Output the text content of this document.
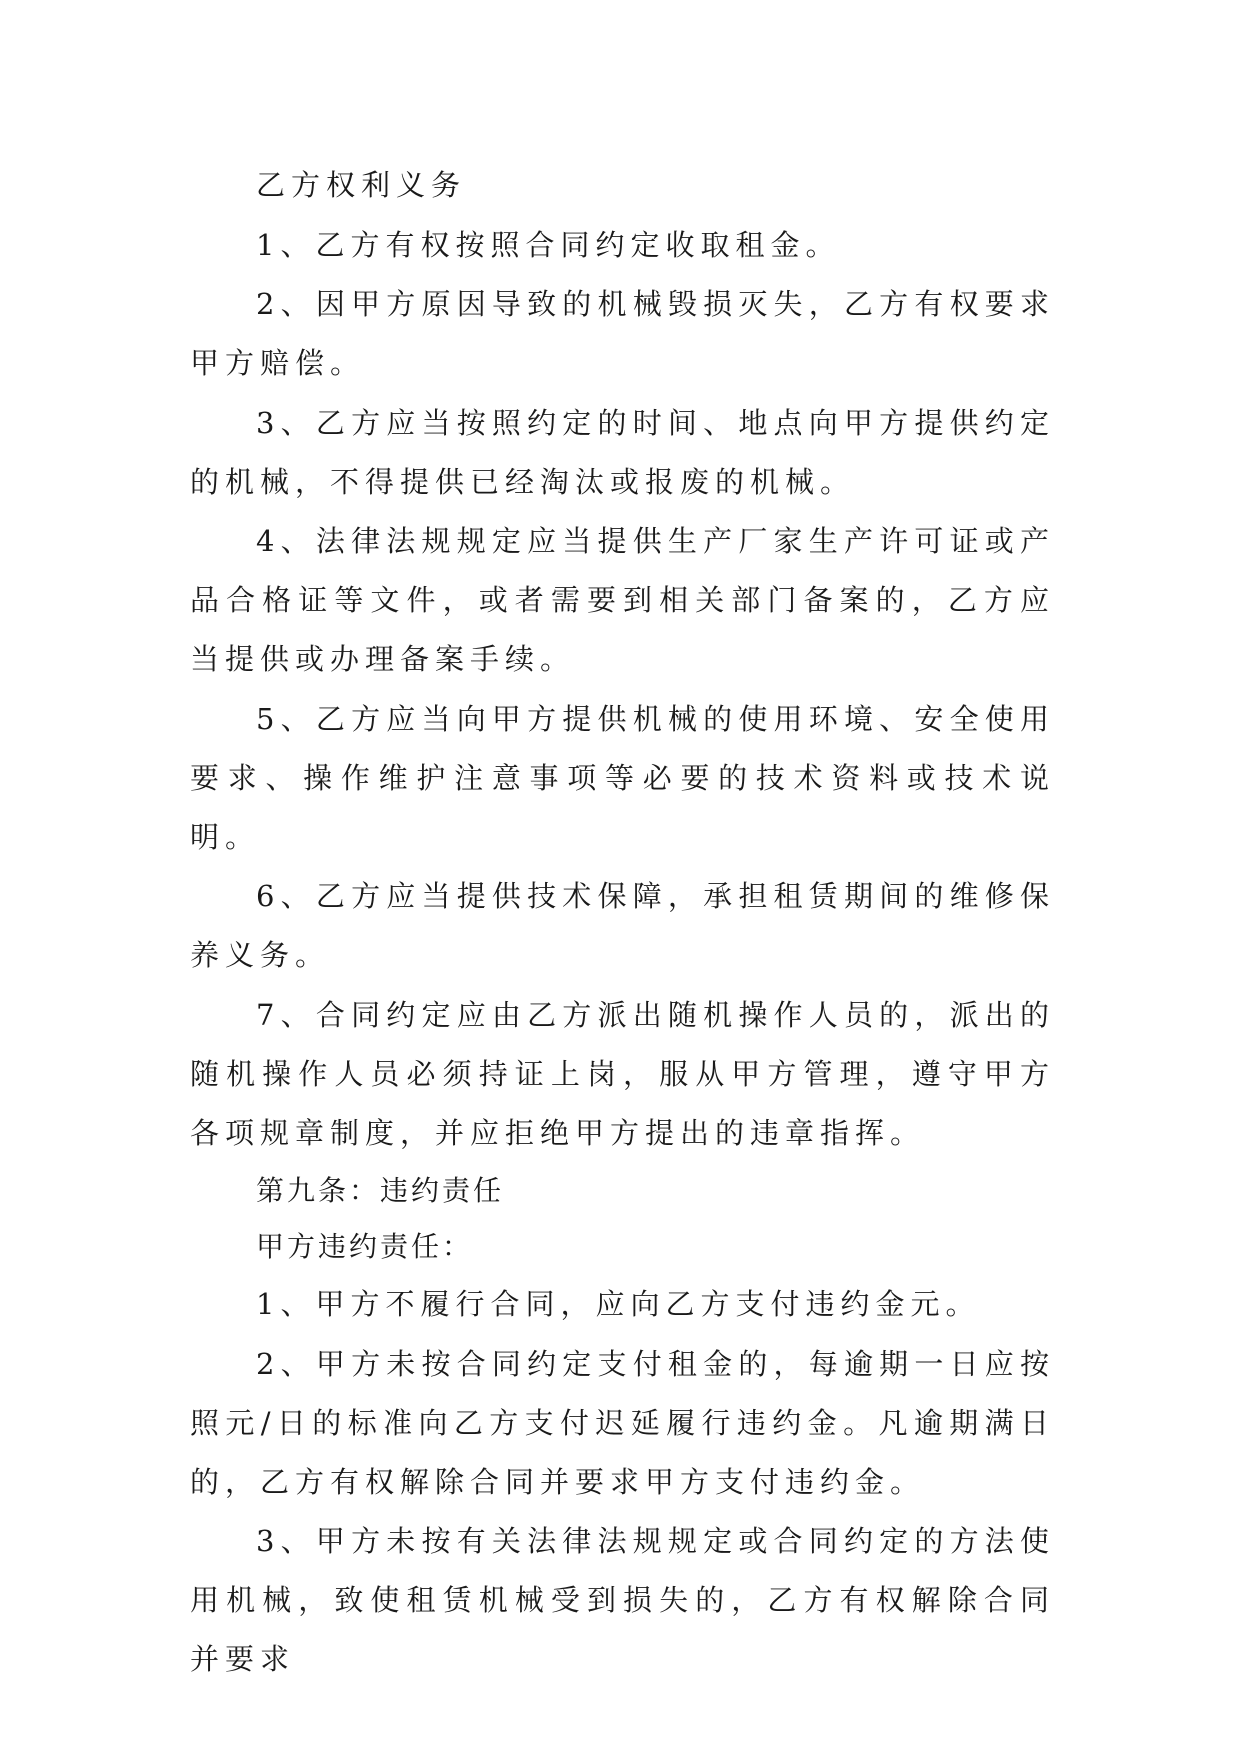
乙方权利义务

1、乙方有权按照合同约定收取租金。

2、因甲方原因导致的机械毁损灭失，乙方有权要求甲方赔偿。

3、乙方应当按照约定的时间、地点向甲方提供约定的机械，不得提供已经淘汰或报废的机械。

4、法律法规规定应当提供生产厂家生产许可证或产品合格证等文件，或者需要到相关部门备案的，乙方应当提供或办理备案手续。

5、乙方应当向甲方提供机械的使用环境、安全使用要求、操作维护注意事项等必要的技术资料或技术说明。

6、乙方应当提供技术保障，承担租赁期间的维修保养义务。

7、合同约定应由乙方派出随机操作人员的，派出的随机操作人员必须持证上岗，服从甲方管理，遵守甲方各项规章制度，并应拒绝甲方提出的违章指挥。

第九条：违约责任

甲方违约责任：

1、甲方不履行合同，应向乙方支付违约金元。

2、甲方未按合同约定支付租金的，每逾期一日应按照元/日的标准向乙方支付迟延履行违约金。凡逾期满日的，乙方有权解除合同并要求甲方支付违约金。

3、甲方未按有关法律法规规定或合同约定的方法使用机械，致使租赁机械受到损失的，乙方有权解除合同并要求
